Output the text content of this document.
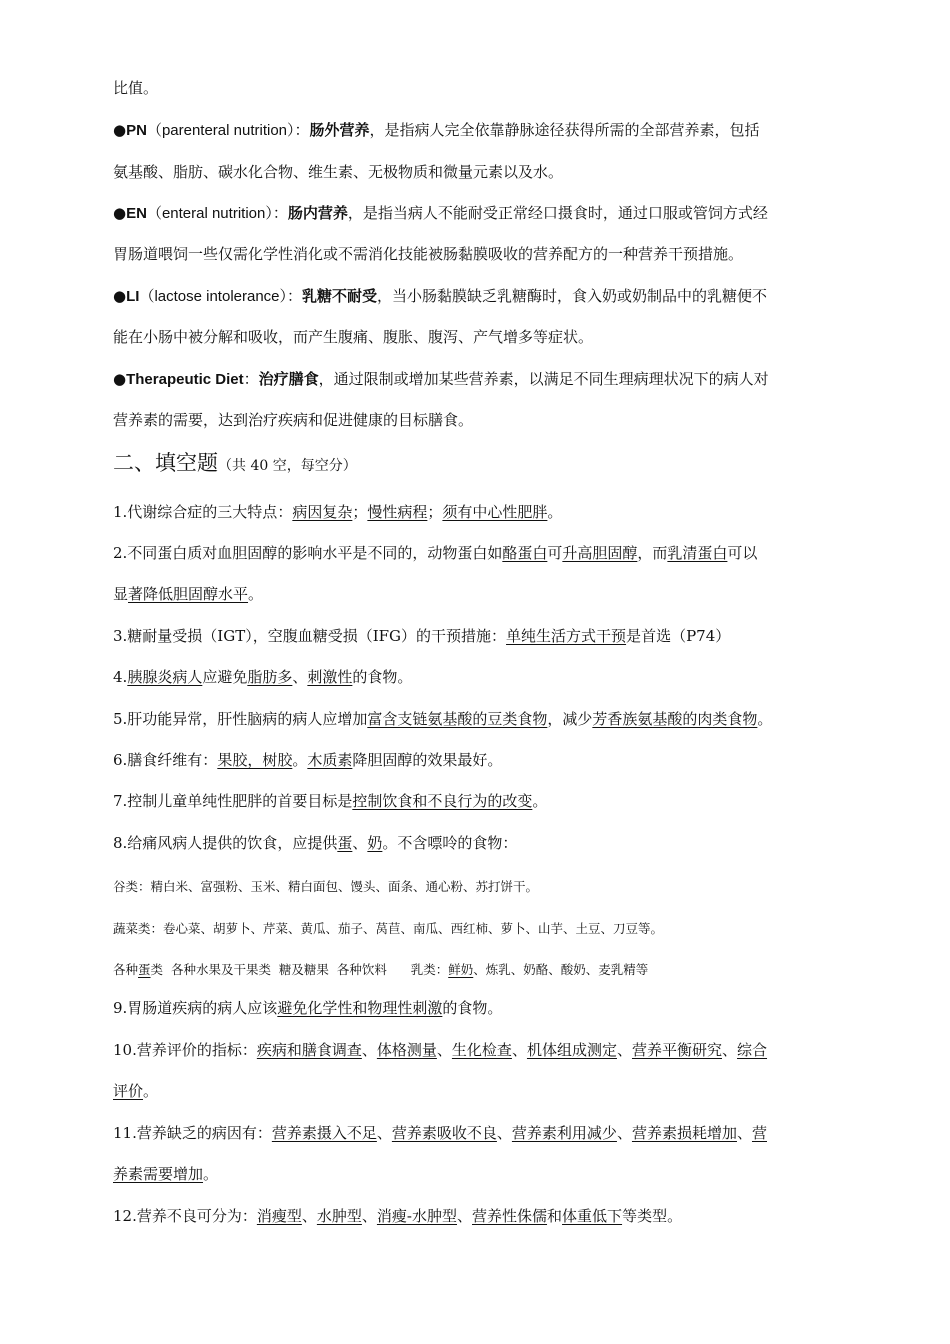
比值。
●PN（parenteral nutrition）：肠外营养，是指病人完全依靠静脉途径获得所需的全部营养素，包括
氨基酸、脂肪、碳水化合物、维生素、无极物质和微量元素以及水。
●EN（enteral nutrition）：肠内营养，是指当病人不能耐受正常经口摄食时，通过口服或管饲方式经
胃肠道喂饲一些仅需化学性消化或不需消化技能被肠黏膜吸收的营养配方的一种营养干预措施。
●LI（lactose intolerance）：乳糖不耐受，当小肠黏膜缺乏乳糖酶时，食入奶或奶制品中的乳糖便不
能在小肠中被分解和吸收，而产生腹痛、腹胀、腹泻、产气增多等症状。
●Therapeutic Diet：治疗膳食，通过限制或增加某些营养素，以满足不同生理病理状况下的病人对
营养素的需要，达到治疗疾病和促进健康的目标膳食。
二、填空题（共 40 空，每空分）
1.代谢综合症的三大特点：病因复杂；慢性病程；须有中心性肥胖。
2.不同蛋白质对血胆固醇的影响水平是不同的，动物蛋白如酪蛋白可升高胆固醇，而乳清蛋白可以
显著降低胆固醇水平。
3.糖耐量受损（IGT），空腹血糖受损（IFG）的干预措施：单纯生活方式干预是首选（P74）
4.胰腺炎病人应避免脂肪多、刺激性的食物。
5.肝功能异常，肝性脑病的病人应增加富含支链氨基酸的豆类食物，减少芳香族氨基酸的肉类食物。
6.膳食纤维有：果胶，树胶。木质素降胆固醇的效果最好。
7.控制儿童单纯性肥胖的首要目标是控制饮食和不良行为的改变。
8.给痛风病人提供的饮食，应提供蛋、奶。不含嘌呤的食物：
谷类：精白米、富强粉、玉米、精白面包、馒头、面条、通心粉、苏打饼干。
蔬菜类：卷心菜、胡萝卜、芹菜、黄瓜、茄子、莴苣、南瓜、西红柿、萝卜、山芋、土豆、刀豆等。
各种蛋类  各种水果及干果类  糖及糖果  各种饮料      乳类：鲜奶、炼乳、奶酪、酸奶、麦乳精等
9.胃肠道疾病的病人应该避免化学性和物理性刺激的食物。
10.营养评价的指标：疾病和膳食调查、体格测量、生化检查、机体组成测定、营养平衡研究、综合
评价。
11.营养缺乏的病因有：营养素摄入不足、营养素吸收不良、营养素利用减少、营养素损耗增加、营
养素需要增加。
12.营养不良可分为：消瘦型、水肿型、消瘦-水肿型、营养性侏儒和体重低下等类型。
